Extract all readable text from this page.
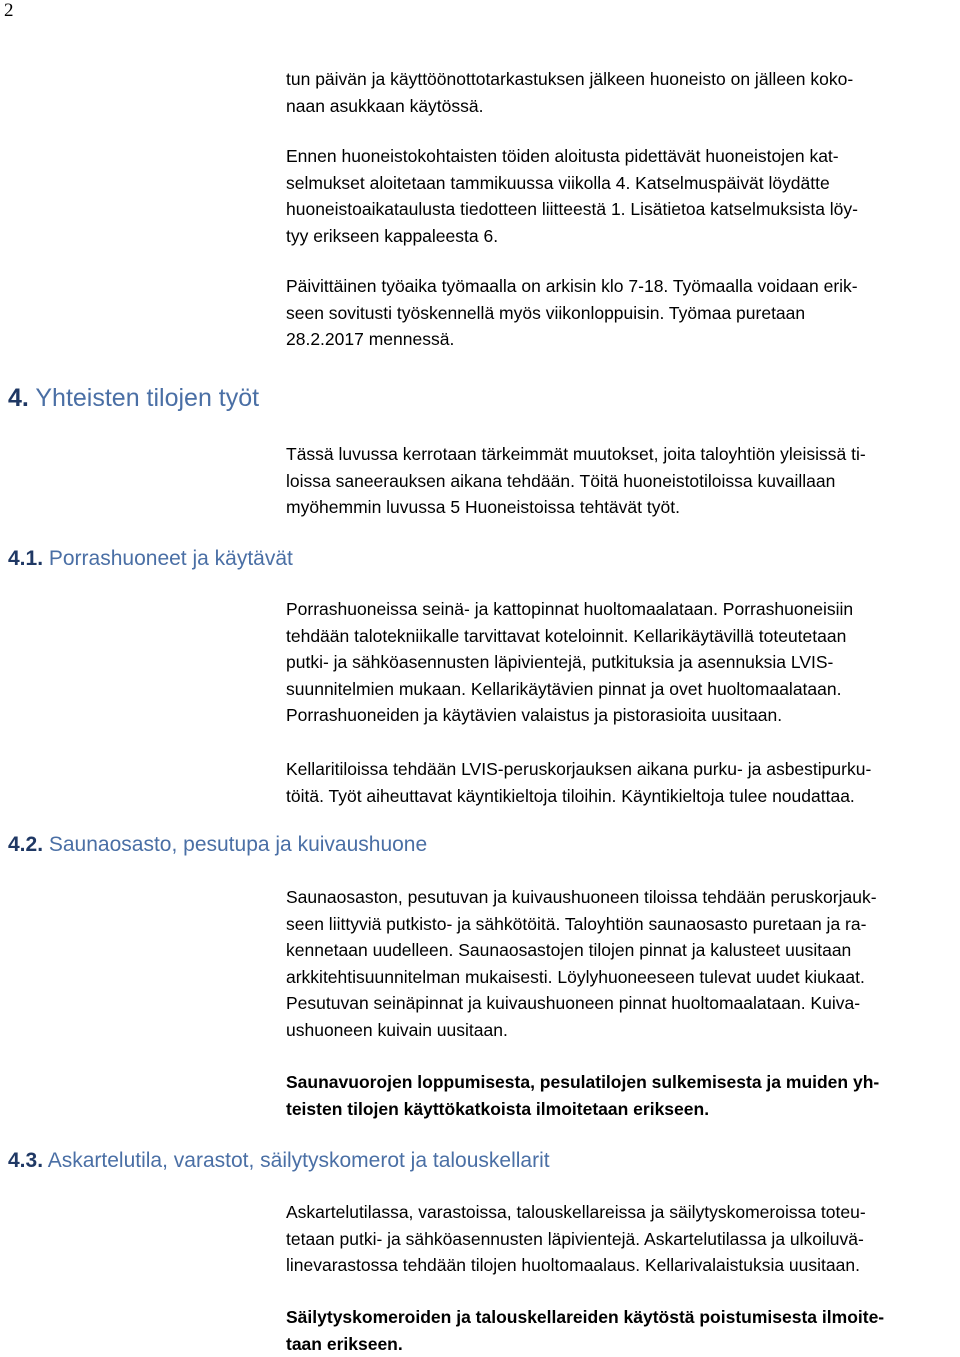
2
4. Yhteisten tilojen työt
4.1. Porrashuoneet ja käytävät
4.2. Saunaosasto, pesutupa ja kuivaushuone
4.3. Askartelutila, varastot, säilytyskomerot ja talouskellarit
tun päivän ja käyttöönottotarkastuksen jälkeen huoneisto on jälleen koko-
naan asukkaan käytössä.
Ennen huoneistokohtaisten töiden aloitusta pidettävät huoneistojen kat-
selmukset aloitetaan tammikuussa viikolla 4. Katselmuspäivät löydätte
huoneistoaikataulusta tiedotteen liitteestä 1. Lisätietoa katselmuksista löy-
tyy erikseen kappaleesta 6.
Päivittäinen työaika työmaalla on arkisin klo 7-18. Työmaalla voidaan erik-
seen sovitusti työskennellä myös viikonloppuisin. Työmaa puretaan
28.2.2017 mennessä.
Tässä luvussa kerrotaan tärkeimmät muutokset, joita taloyhtiön yleisissä ti-
loissa saneerauksen aikana tehdään. Töitä huoneistotiloissa kuvaillaan
myöhemmin luvussa 5 Huoneistoissa tehtävät työt.
Porrashuoneissa seinä- ja kattopinnat huoltomaalataan. Porrashuoneisiin
tehdään talotekniikalle tarvittavat koteloinnit. Kellarikäytävillä toteutetaan
putki- ja sähköasennusten läpivientejä, putkituksia ja asennuksia LVIS-
suunnitelmien mukaan. Kellarikäytävien pinnat ja ovet huoltomaalataan.
Porrashuoneiden ja käytävien valaistus ja pistorasioita uusitaan.
Kellaritiloissa tehdään LVIS-peruskorjauksen aikana purku- ja asbestipurku-
töitä. Työt aiheuttavat käyntikieltoja tiloihin. Käyntikieltoja tulee noudattaa.
Saunaosaston, pesutuvan ja kuivaushuoneen tiloissa tehdään peruskorjauk-
seen liittyviä putkisto- ja sähkötöitä. Taloyhtiön saunaosasto puretaan ja ra-
kennetaan uudelleen. Saunaosastojen tilojen pinnat ja kalusteet uusitaan
arkkitehtisuunnitelman mukaisesti. Löylyhuoneeseen tulevat uudet kiukaat.
Pesutuvan seinäpinnat ja kuivaushuoneen pinnat huoltomaalataan. Kuiva-
ushuoneen kuivain uusitaan.
Saunavuorojen loppumisesta, pesulatilojen sulkemisesta ja muiden yh-
teisten tilojen käyttökatkoista ilmoitetaan erikseen.
Askartelutilassa, varastoissa, talouskellareissa ja säilytyskomeroissa toteu-
tetaan putki- ja sähköasennusten läpivientejä. Askartelutilassa ja ulkoiluvä-
linevarastossa tehdään tilojen huoltomaalaus. Kellarivalaistuksia uusitaan.
Säilytyskomeroiden ja talouskellareiden käytöstä poistumisesta ilmoite-
taan erikseen.
